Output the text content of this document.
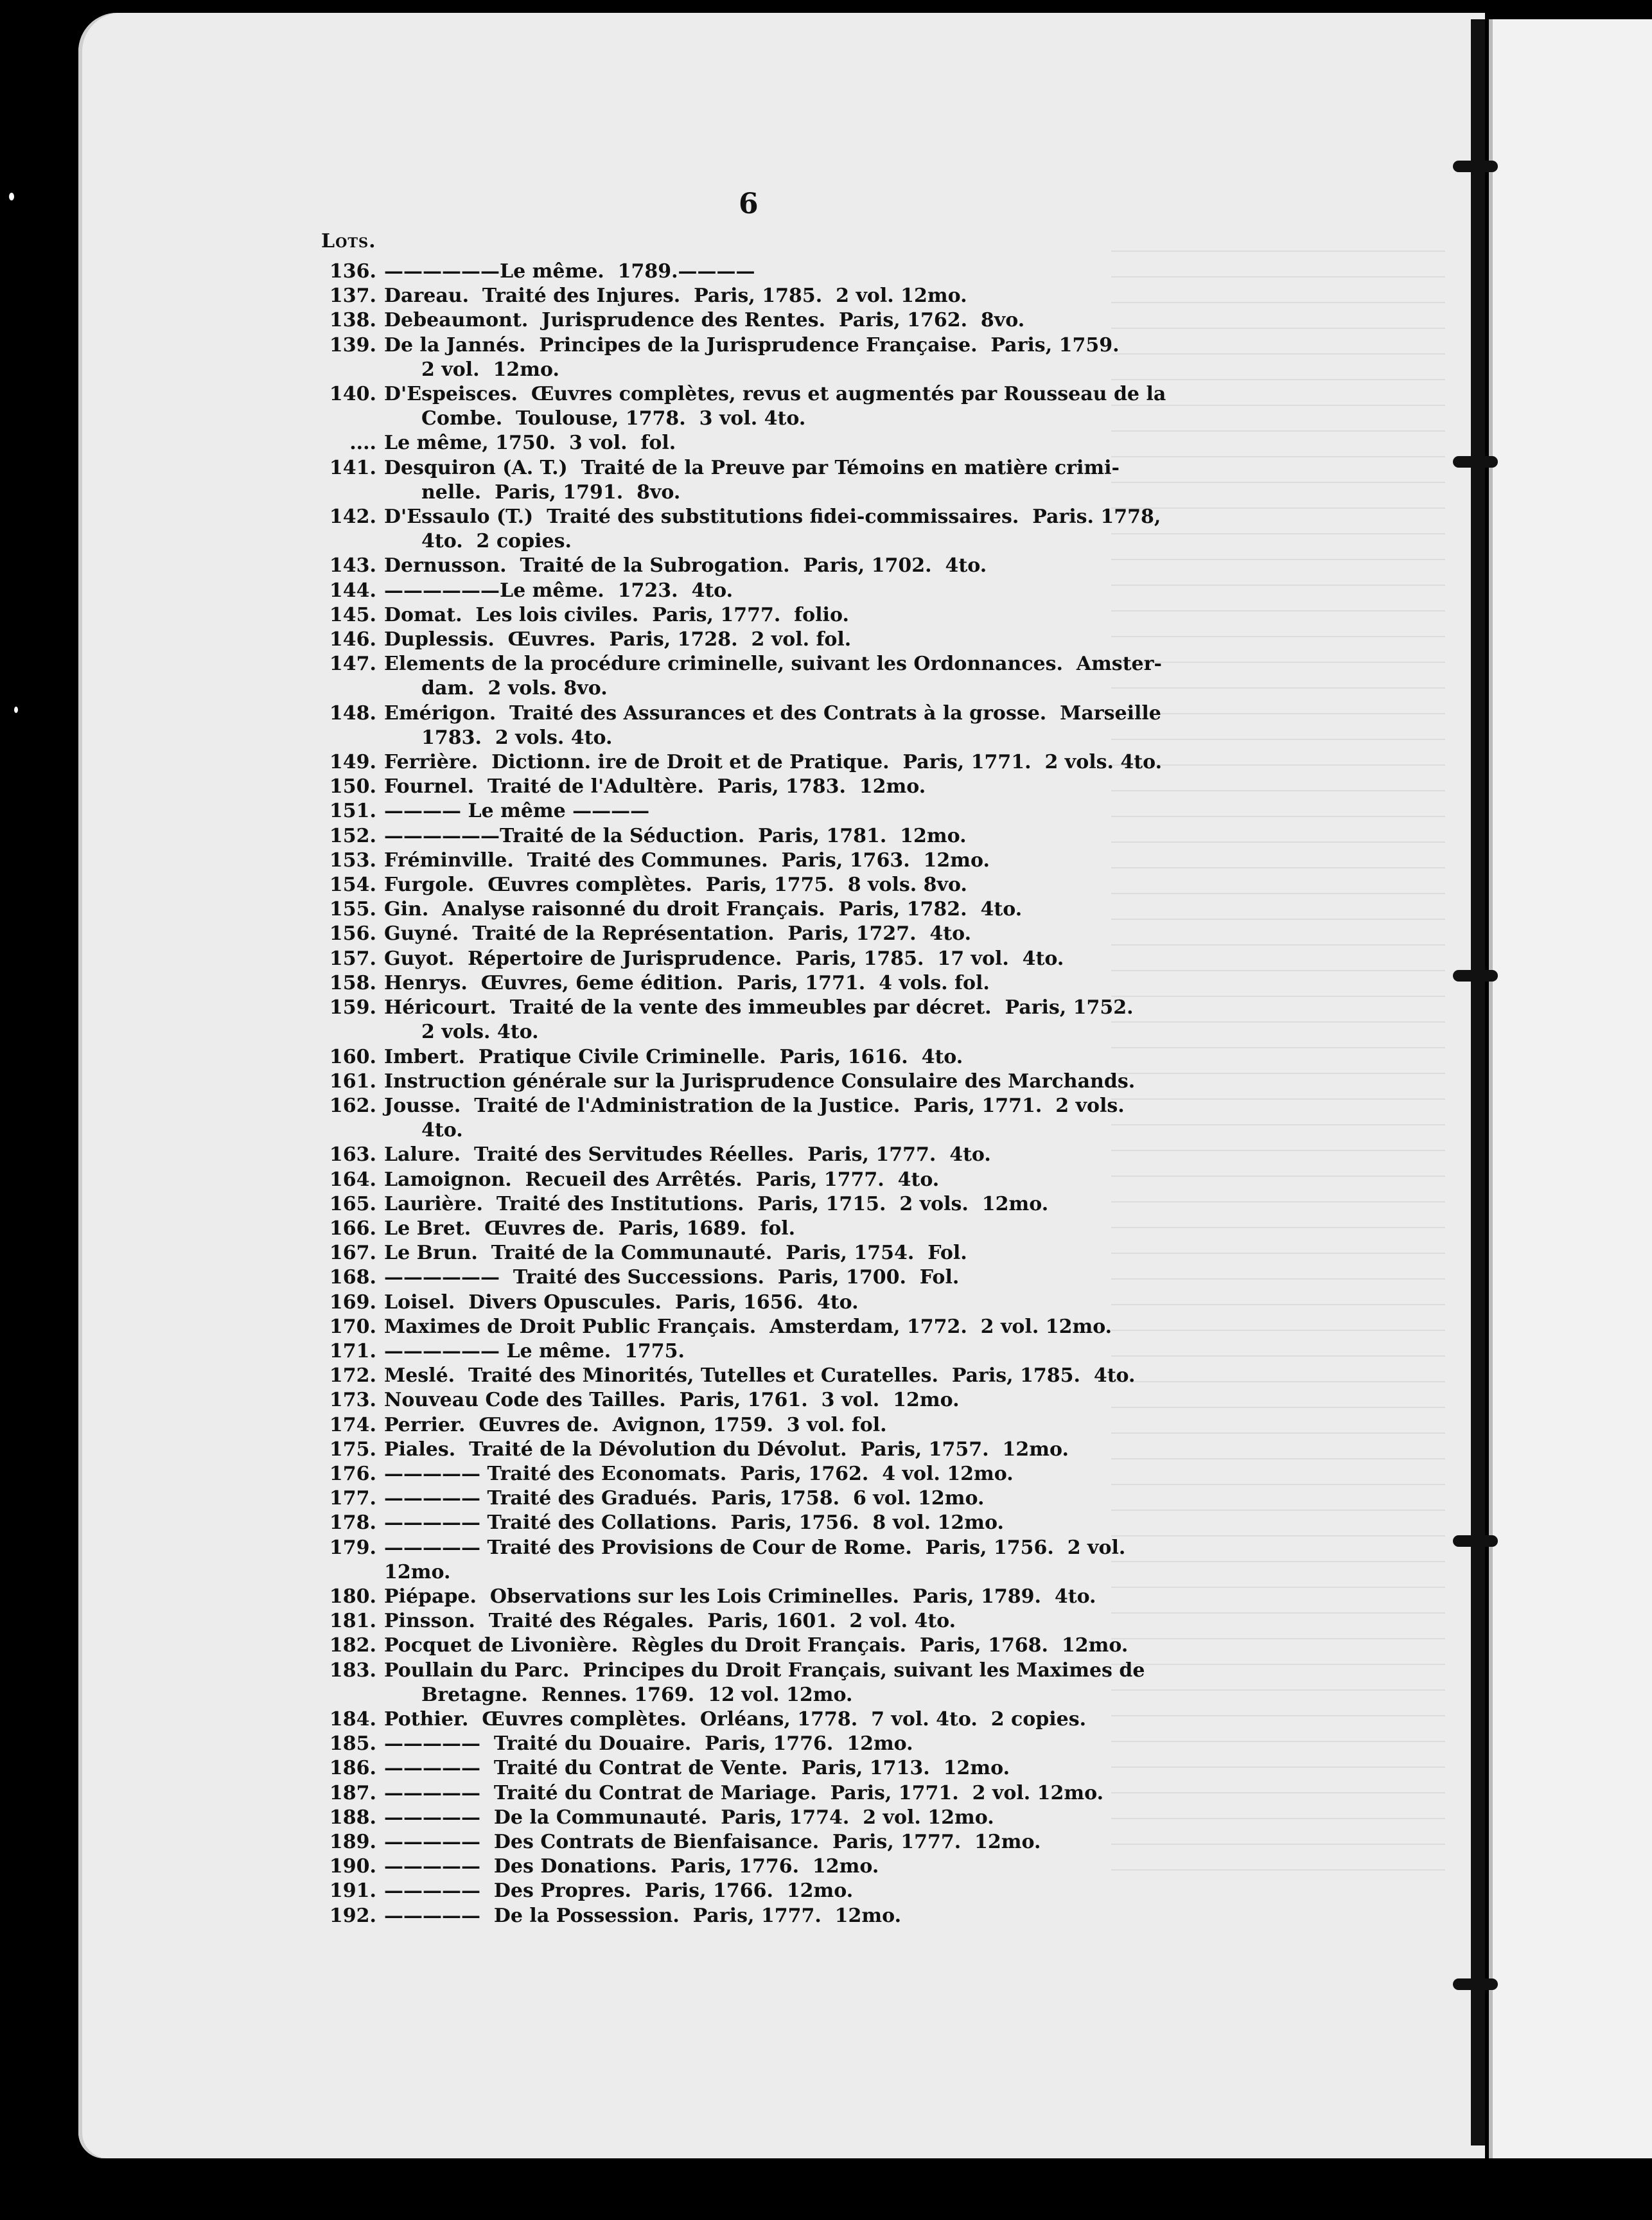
6
Lots.
136. ——————Le même.  1789.————
137. Dareau.  Traité des Injures.  Paris, 1785.  2 vol. 12mo.
138. Debeaumont.  Jurisprudence des Rentes.  Paris, 1762.  8vo.
139. De la Jannés.  Principes de la Jurisprudence Française.  Paris, 1759.
2 vol.  12mo.
140. D'Espeisces.  Œuvres complètes, revus et augmentés par Rousseau de la
Combe.  Toulouse, 1778.  3 vol. 4to.
.... Le même, 1750.  3 vol.  fol.
141. Desquiron (A. T.)  Traité de la Preuve par Témoins en matière crimi-
nelle.  Paris, 1791.  8vo.
142. D'Essaulo (T.)  Traité des substitutions fidei-commissaires.  Paris. 1778,
4to.  2 copies.
143. Dernusson.  Traité de la Subrogation.  Paris, 1702.  4to.
144. ——————Le même.  1723.  4to.
145. Domat.  Les lois civiles.  Paris, 1777.  folio.
146. Duplessis.  Œuvres.  Paris, 1728.  2 vol. fol.
147. Elements de la procédure criminelle, suivant les Ordonnances.  Amster-
dam.  2 vols. 8vo.
148. Emérigon.  Traité des Assurances et des Contrats à la grosse.  Marseille
1783.  2 vols. 4to.
149. Ferrière.  Dictionn. ire de Droit et de Pratique.  Paris, 1771.  2 vols. 4to.
150. Fournel.  Traité de l'Adultère.  Paris, 1783.  12mo.
151. ———— Le même ————
152. ——————Traité de la Séduction.  Paris, 1781.  12mo.
153. Fréminville.  Traité des Communes.  Paris, 1763.  12mo.
154. Furgole.  Œuvres complètes.  Paris, 1775.  8 vols. 8vo.
155. Gin.  Analyse raisonné du droit Français.  Paris, 1782.  4to.
156. Guyné.  Traité de la Représentation.  Paris, 1727.  4to.
157. Guyot.  Répertoire de Jurisprudence.  Paris, 1785.  17 vol.  4to.
158. Henrys.  Œuvres, 6eme édition.  Paris, 1771.  4 vols. fol.
159. Héricourt.  Traité de la vente des immeubles par décret.  Paris, 1752.
2 vols. 4to.
160. Imbert.  Pratique Civile Criminelle.  Paris, 1616.  4to.
161. Instruction générale sur la Jurisprudence Consulaire des Marchands.
162. Jousse.  Traité de l'Administration de la Justice.  Paris, 1771.  2 vols.
4to.
163. Lalure.  Traité des Servitudes Réelles.  Paris, 1777.  4to.
164. Lamoignon.  Recueil des Arrêtés.  Paris, 1777.  4to.
165. Laurière.  Traité des Institutions.  Paris, 1715.  2 vols.  12mo.
166. Le Bret.  Œuvres de.  Paris, 1689.  fol.
167. Le Brun.  Traité de la Communauté.  Paris, 1754.  Fol.
168. ——————  Traité des Successions.  Paris, 1700.  Fol.
169. Loisel.  Divers Opuscules.  Paris, 1656.  4to.
170. Maximes de Droit Public Français.  Amsterdam, 1772.  2 vol. 12mo.
171. —————— Le même.  1775.
172. Meslé.  Traité des Minorités, Tutelles et Curatelles.  Paris, 1785.  4to.
173. Nouveau Code des Tailles.  Paris, 1761.  3 vol.  12mo.
174. Perrier.  Œuvres de.  Avignon, 1759.  3 vol. fol.
175. Piales.  Traité de la Dévolution du Dévolut.  Paris, 1757.  12mo.
176. ————— Traité des Economats.  Paris, 1762.  4 vol. 12mo.
177. ————— Traité des Gradués.  Paris, 1758.  6 vol. 12mo.
178. ————— Traité des Collations.  Paris, 1756.  8 vol. 12mo.
179. ————— Traité des Provisions de Cour de Rome.  Paris, 1756.  2 vol. 12mo.
180. Piépape.  Observations sur les Lois Criminelles.  Paris, 1789.  4to.
181. Pinsson.  Traité des Régales.  Paris, 1601.  2 vol. 4to.
182. Pocquet de Livonière.  Règles du Droit Français.  Paris, 1768.  12mo.
183. Poullain du Parc.  Principes du Droit Français, suivant les Maximes de
Bretagne.  Rennes. 1769.  12 vol. 12mo.
184. Pothier.  Œuvres complètes.  Orléans, 1778.  7 vol. 4to.  2 copies.
185. —————  Traité du Douaire.  Paris, 1776.  12mo.
186. —————  Traité du Contrat de Vente.  Paris, 1713.  12mo.
187. —————  Traité du Contrat de Mariage.  Paris, 1771.  2 vol. 12mo.
188. —————  De la Communauté.  Paris, 1774.  2 vol. 12mo.
189. —————  Des Contrats de Bienfaisance.  Paris, 1777.  12mo.
190. —————  Des Donations.  Paris, 1776.  12mo.
191. —————  Des Propres.  Paris, 1766.  12mo.
192. —————  De la Possession.  Paris, 1777.  12mo.
